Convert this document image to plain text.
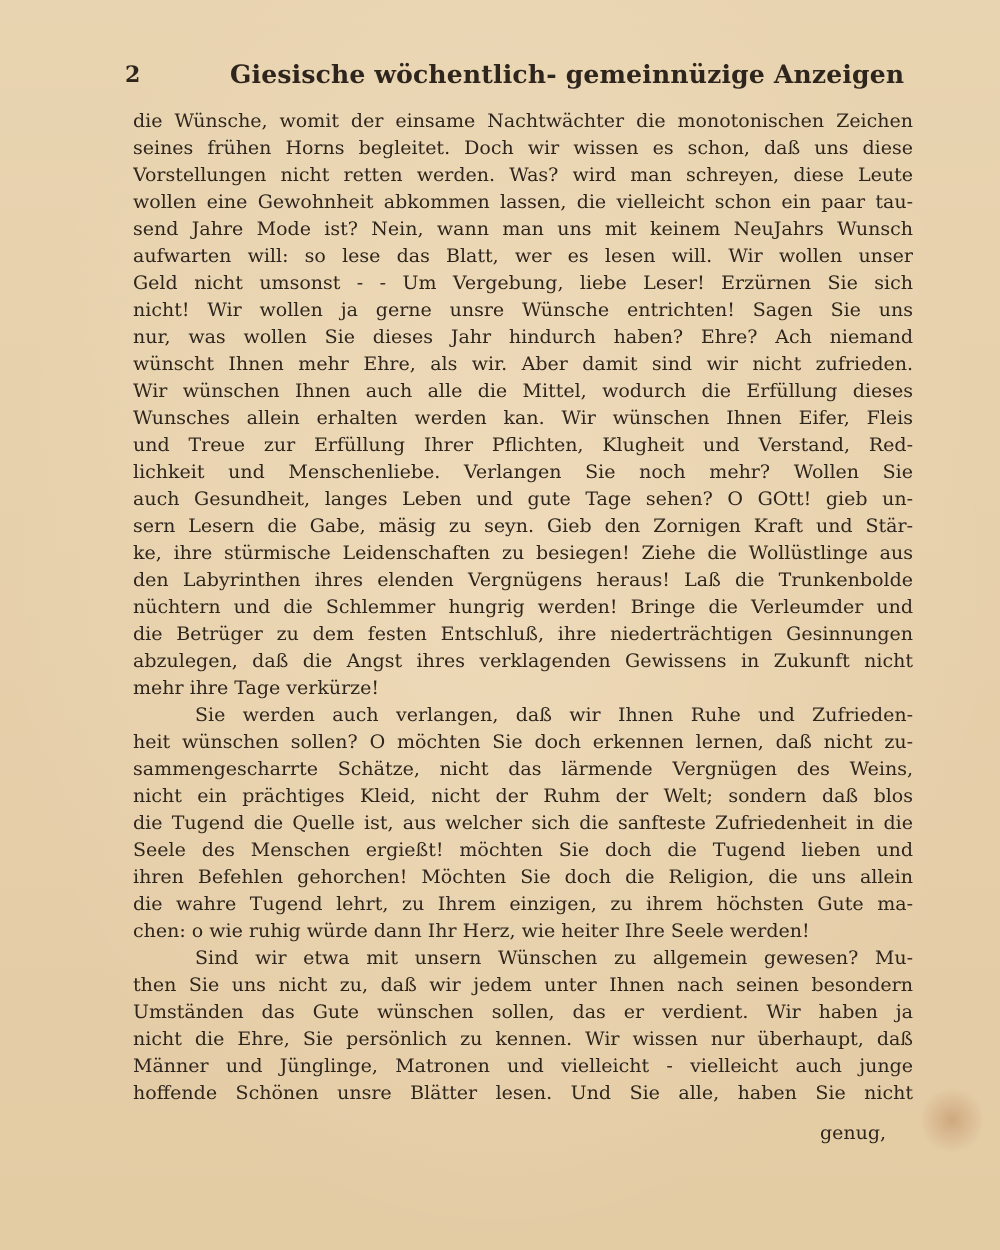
2	Giesische wöchentlich- gemeinnüzige Anzeigen
die Wünsche, womit der einsame Nachtwächter die monotonischen Zeichen
seines frühen Horns begleitet. Doch wir wissen es schon, daß uns diese
Vorstellungen nicht retten werden. Was? wird man schreyen, diese Leute
wollen eine Gewohnheit abkommen lassen, die vielleicht schon ein paar tau-
send Jahre Mode ist? Nein, wann man uns mit keinem NeuJahrs Wunsch
aufwarten will: so lese das Blatt, wer es lesen will. Wir wollen unser
Geld nicht umsonst - - Um Vergebung, liebe Leser! Erzürnen Sie sich
nicht! Wir wollen ja gerne unsre Wünsche entrichten! Sagen Sie uns
nur, was wollen Sie dieses Jahr hindurch haben? Ehre? Ach niemand
wünscht Ihnen mehr Ehre, als wir. Aber damit sind wir nicht zufrieden.
Wir wünschen Ihnen auch alle die Mittel, wodurch die Erfüllung dieses
Wunsches allein erhalten werden kan. Wir wünschen Ihnen Eifer, Fleis
und Treue zur Erfüllung Ihrer Pflichten, Klugheit und Verstand, Red-
lichkeit und Menschenliebe. Verlangen Sie noch mehr? Wollen Sie
auch Gesundheit, langes Leben und gute Tage sehen? O GOtt! gieb un-
sern Lesern die Gabe, mäsig zu seyn. Gieb den Zornigen Kraft und Stär-
ke, ihre stürmische Leidenschaften zu besiegen! Ziehe die Wollüstlinge aus
den Labyrinthen ihres elenden Vergnügens heraus! Laß die Trunkenbolde
nüchtern und die Schlemmer hungrig werden! Bringe die Verleumder und
die Betrüger zu dem festen Entschluß, ihre niederträchtigen Gesinnungen
abzulegen, daß die Angst ihres verklagenden Gewissens in Zukunft nicht
mehr ihre Tage verkürze!
Sie werden auch verlangen, daß wir Ihnen Ruhe und Zufrieden-
heit wünschen sollen? O möchten Sie doch erkennen lernen, daß nicht zu-
sammengescharrte Schätze, nicht das lärmende Vergnügen des Weins,
nicht ein prächtiges Kleid, nicht der Ruhm der Welt; sondern daß blos
die Tugend die Quelle ist, aus welcher sich die sanfteste Zufriedenheit in die
Seele des Menschen ergießt! möchten Sie doch die Tugend lieben und
ihren Befehlen gehorchen! Möchten Sie doch die Religion, die uns allein
die wahre Tugend lehrt, zu Ihrem einzigen, zu ihrem höchsten Gute ma-
chen: o wie ruhig würde dann Ihr Herz, wie heiter Ihre Seele werden!
Sind wir etwa mit unsern Wünschen zu allgemein gewesen? Mu-
then Sie uns nicht zu, daß wir jedem unter Ihnen nach seinen besondern
Umständen das Gute wünschen sollen, das er verdient. Wir haben ja
nicht die Ehre, Sie persönlich zu kennen. Wir wissen nur überhaupt, daß
Männer und Jünglinge, Matronen und vielleicht - vielleicht auch junge
hoffende Schönen unsre Blätter lesen. Und Sie alle, haben Sie nicht
genug,
